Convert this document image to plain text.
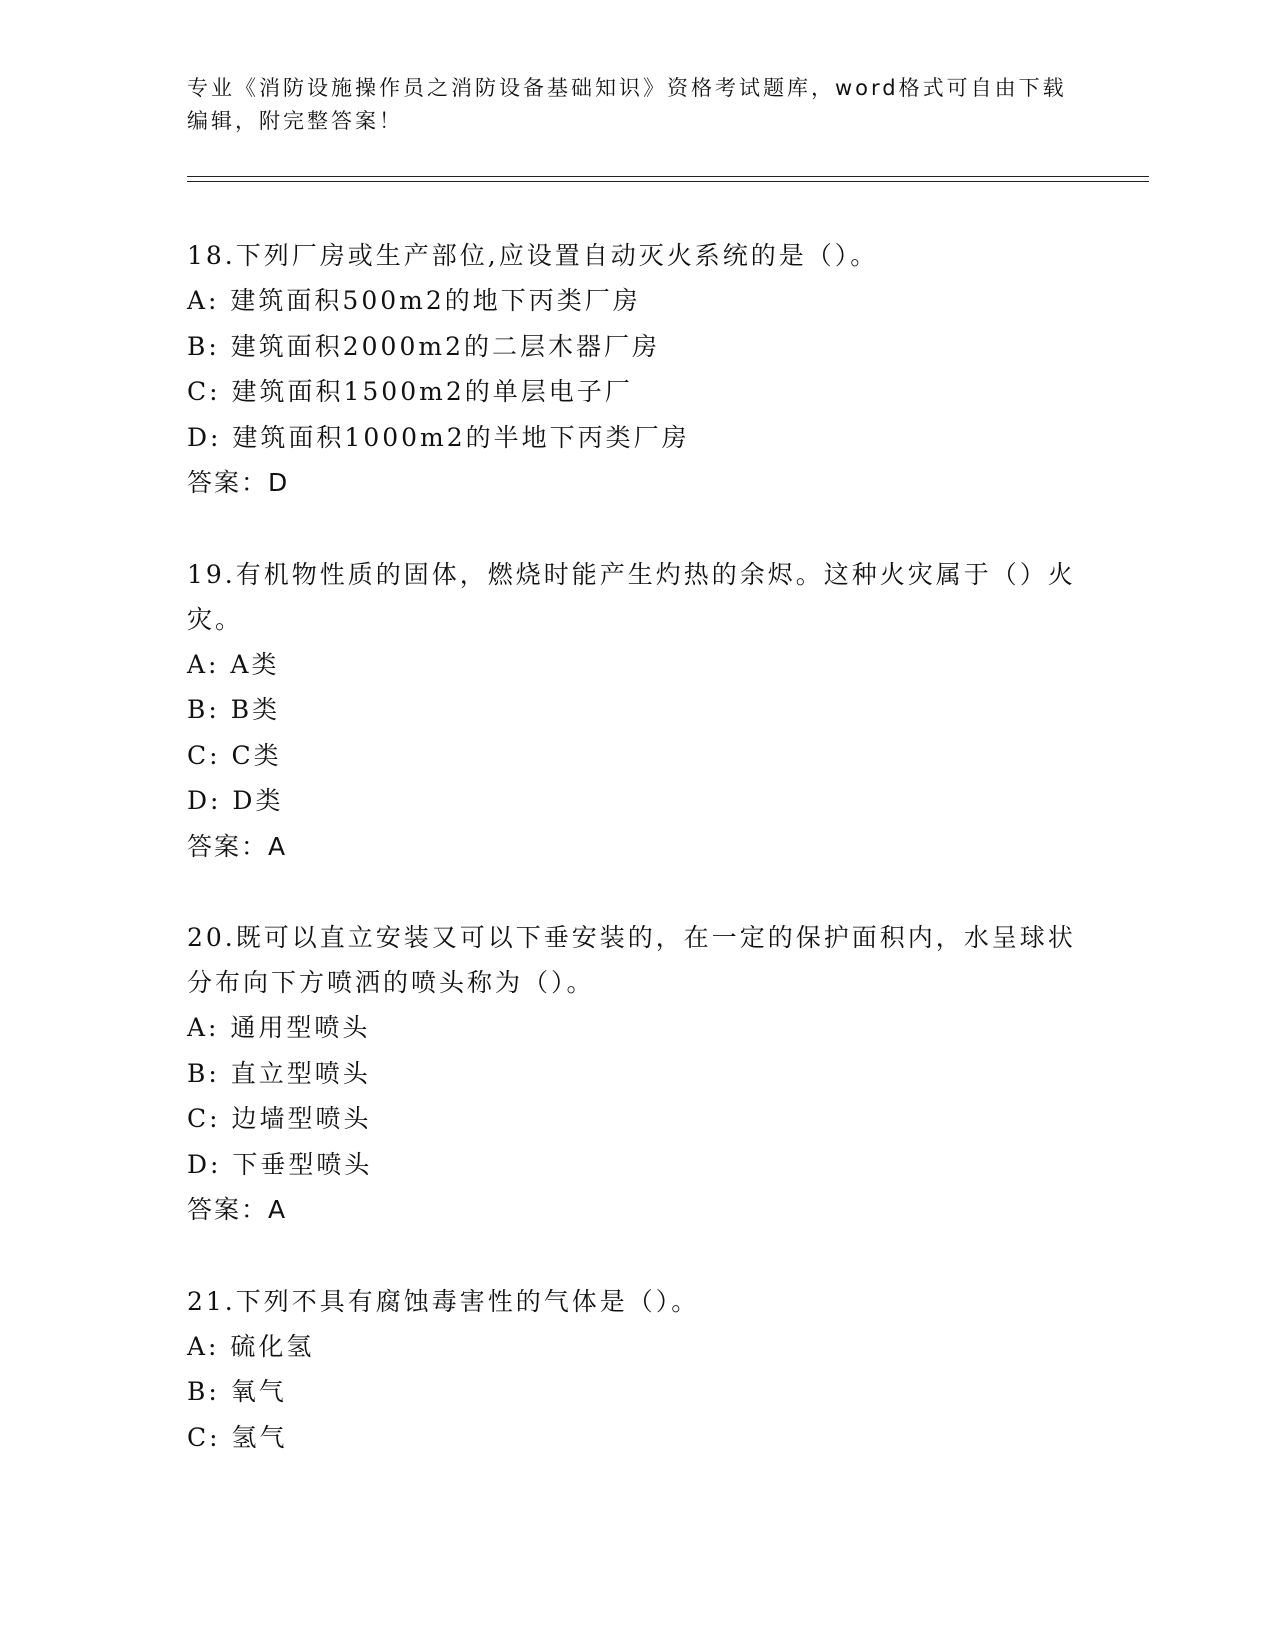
专业《消防设施操作员之消防设备基础知识》资格考试题库，word格式可自由下载编辑，附完整答案！
18.下列厂房或生产部位,应设置自动灭火系统的是（）。
A: 建筑面积500m2的地下丙类厂房
B: 建筑面积2000m2的二层木器厂房
C: 建筑面积1500m2的单层电子厂
D: 建筑面积1000m2的半地下丙类厂房
答案：D
19.有机物性质的固体，燃烧时能产生灼热的余烬。这种火灾属于（）火灾。
A: A类
B: B类
C: C类
D: D类
答案：A
20.既可以直立安装又可以下垂安装的，在一定的保护面积内，水呈球状分布向下方喷洒的喷头称为（）。
A: 通用型喷头
B: 直立型喷头
C: 边墙型喷头
D: 下垂型喷头
答案：A
21.下列不具有腐蚀毒害性的气体是（）。
A: 硫化氢
B: 氧气
C: 氢气
